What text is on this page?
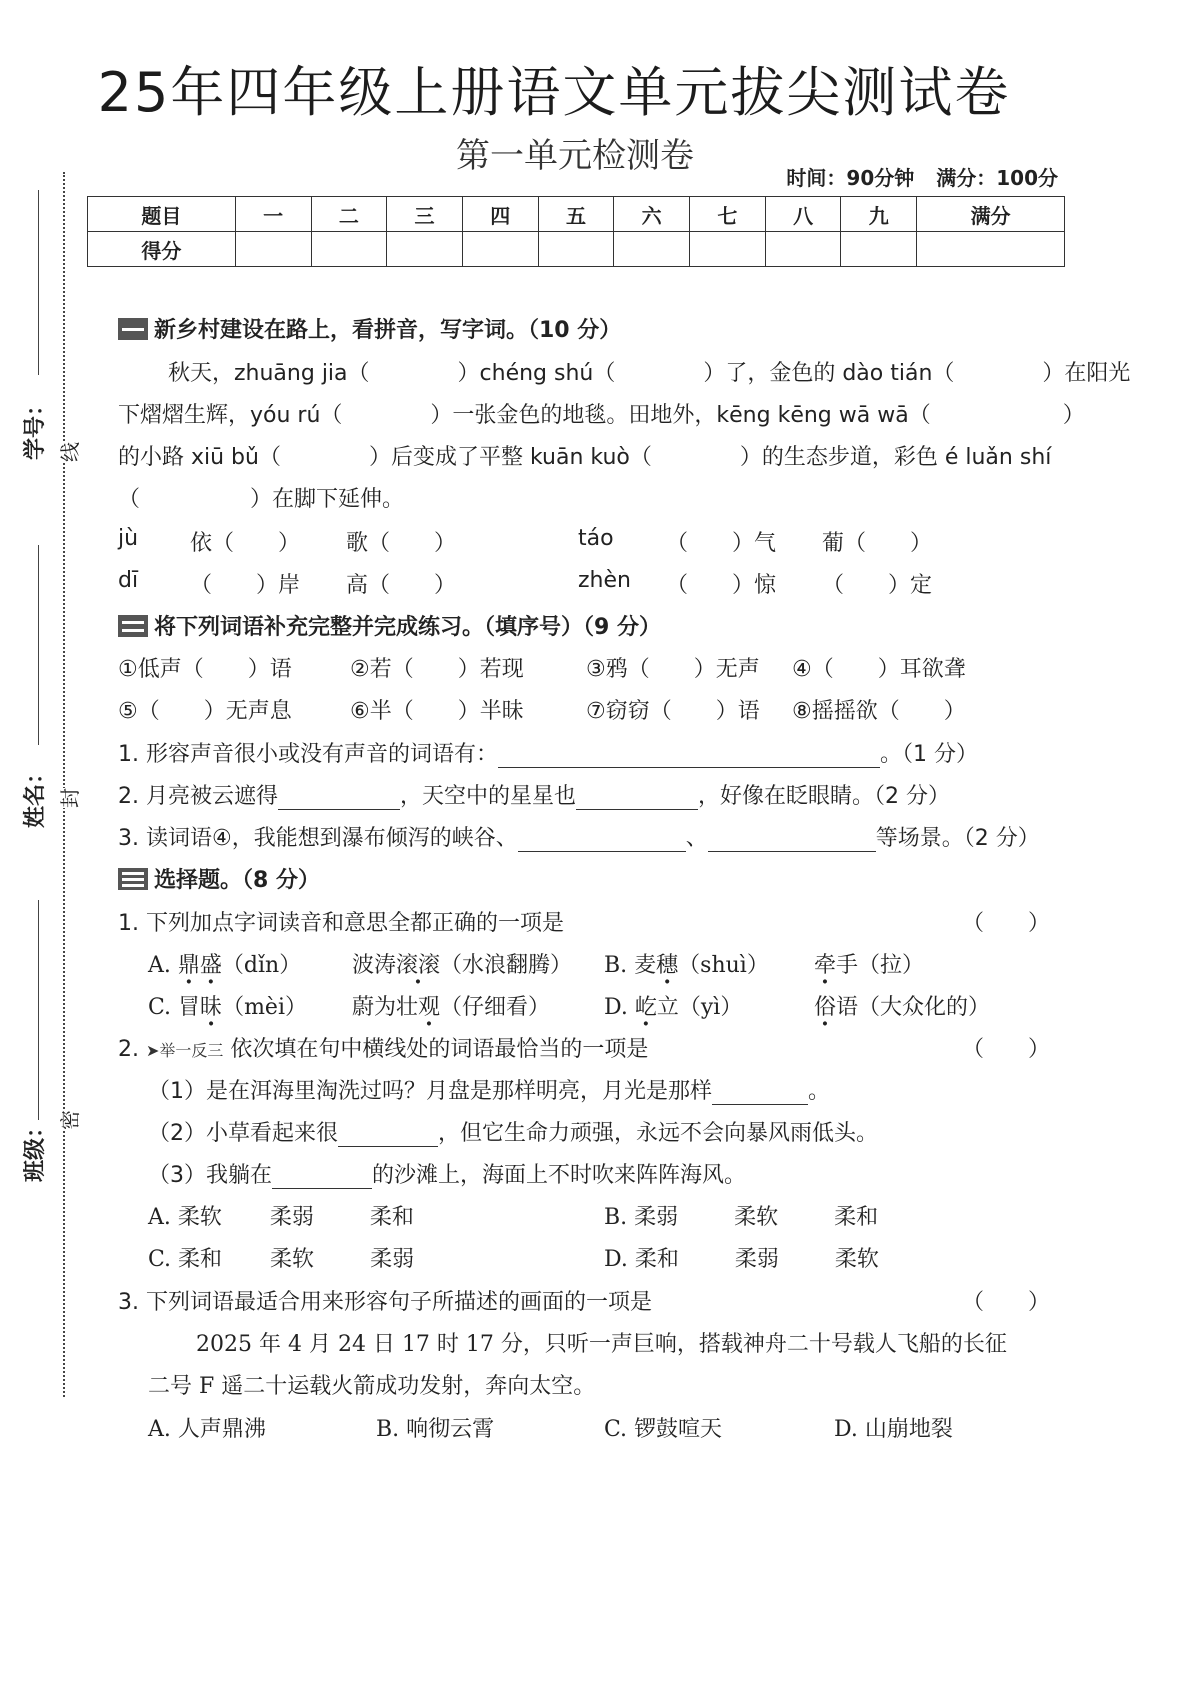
25年四年级上册语文单元拔尖测试卷
第一单元检测卷
时间：90分钟 满分：100分
题目	一	二	三	四	五	六	七	八	九	满分
得分										
学号：
姓名：
班级：
线
封
密
新乡村建设在路上，看拼音，写字词。（10 分）
秋天，zhuāng jia（　　　　）chéng shú（　　　　）了，金色的 dào tián（　　　　）在阳光
下熠熠生辉，yóu rú（　　　　）一张金色的地毯。田地外，kēng kēng wā wā（　　　　　　）
的小路 xiū bǔ（　　　　）后变成了平整 kuān kuò（　　　　）的生态步道，彩色 é luǎn shí
（　　　　　）在脚下延伸。
jù 依（　　） 歌（　　）	táo （　　）气 葡（　　）
dī （　　）岸 高（　　）	zhèn （　　）惊 （　　）定
将下列词语补充完整并完成练习。（填序号）（9 分）
①低声（　　）语	②若（　　）若现	③鸦（　　）无声 ④（　　）耳欲聋
⑤（　　）无声息	⑥半（　　）半昧	⑦窃窃（　　）语 ⑧摇摇欲（　　）
1. 形容声音很小或没有声音的词语有：	。（1 分）
2. 月亮被云遮得	，天空中的星星也	，好像在眨眼睛。（2 分）
3. 读词语④，我能想到瀑布倾泻的峡谷、	、	等场景。（2 分）
选择题。（8 分）
1. 下列加点字词读音和意思全都正确的一项是	（　　）
A. 鼎盛（dǐn） 波涛滚滚（水浪翻腾） B. 麦穗（shuì） 牵手（拉）
C. 冒昧（mèi） 蔚为壮观（仔细看） D. 屹立（yì）	俗语（大众化的）
2. ➤举一反三 依次填在句中横线处的词语最恰当的一项是	（　　）
（1）是在洱海里淘洗过吗？月盘是那样明亮，月光是那样	。
（2）小草看起来很	，但它生命力顽强，永远不会向暴风雨低头。
（3）我躺在	的沙滩上，海面上不时吹来阵阵海风。
A. 柔软 柔弱	柔和	B. 柔弱	柔软	柔和
C. 柔和 柔软	柔弱	D. 柔和	柔弱	柔软
3. 下列词语最适合用来形容句子所描述的画面的一项是	（　　）
2025 年 4 月 24 日 17 时 17 分，只听一声巨响，搭载神舟二十号载人飞船的长征
二号 F 遥二十运载火箭成功发射，奔向太空。
A. 人声鼎沸	B. 响彻云霄	C. 锣鼓喧天	D. 山崩地裂
